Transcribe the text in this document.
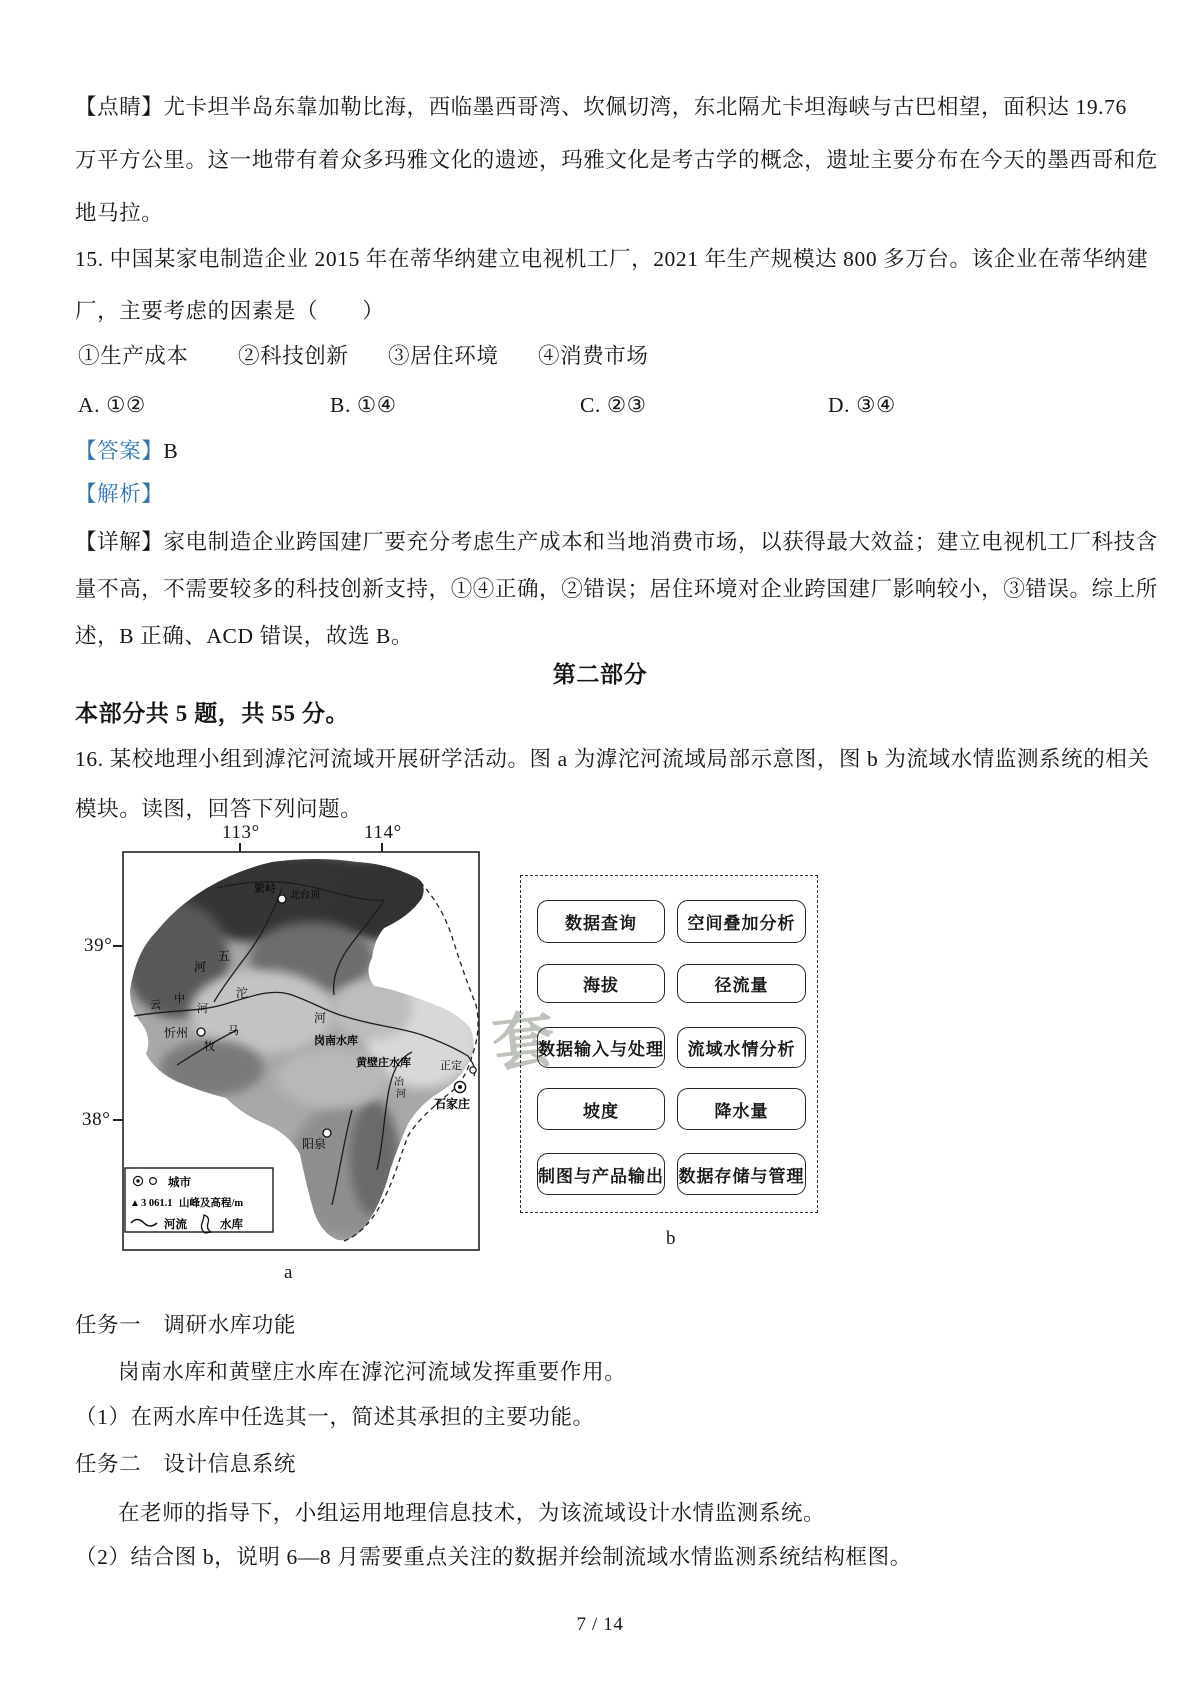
【点睛】尤卡坦半岛东靠加勒比海，西临墨西哥湾、坎佩切湾，东北隔尤卡坦海峡与古巴相望，面积达 19.76
万平方公里。这一地带有着众多玛雅文化的遗迹，玛雅文化是考古学的概念，遗址主要分布在今天的墨西哥和危
地马拉。
15. 中国某家电制造企业 2015 年在蒂华纳建立电视机工厂，2021 年生产规模达 800 多万台。该企业在蒂华纳建
厂，主要考虑的因素是（　　）
①生产成本 ②科技创新 ③居住环境 ④消费市场
A. ①②	B. ①④	C. ②③	D. ③④
【答案】B
【解析】
【详解】家电制造企业跨国建厂要充分考虑生产成本和当地消费市场，以获得最大效益；建立电视机工厂科技含
量不高，不需要较多的科技创新支持，①④正确，②错误；居住环境对企业跨国建厂影响较小，③错误。综上所
述，B 正确、ACD 错误，故选 B。
第二部分
本部分共 5 题，共 55 分。
16. 某校地理小组到滹沱河流域开展研学活动。图 a 为滹沱河流域局部示意图，图 b 为流域水情监测系统的相关
模块。读图，回答下列问题。
113°	114°
39°
38°
繁峙
北台顶
五
河
云 中
河
沱
河
马
牧
忻州
岗南水库
黄壁庄水库
冶
河
正定
石家庄
阳泉
城市
▲ 3 061.1 山峰及高程/m
河流	水库
a
套
数据查询	空间叠加分析
海拔	径流量
数据输入与处理	流域水情分析
坡度	降水量
制图与产品输出 数据存储与管理
b
任务一　调研水库功能
岗南水库和黄壁庄水库在滹沱河流域发挥重要作用。
（1）在两水库中任选其一，简述其承担的主要功能。
任务二　设计信息系统
在老师的指导下，小组运用地理信息技术，为该流域设计水情监测系统。
（2）结合图 b，说明 6—8 月需要重点关注的数据并绘制流域水情监测系统结构框图。
7 / 14
